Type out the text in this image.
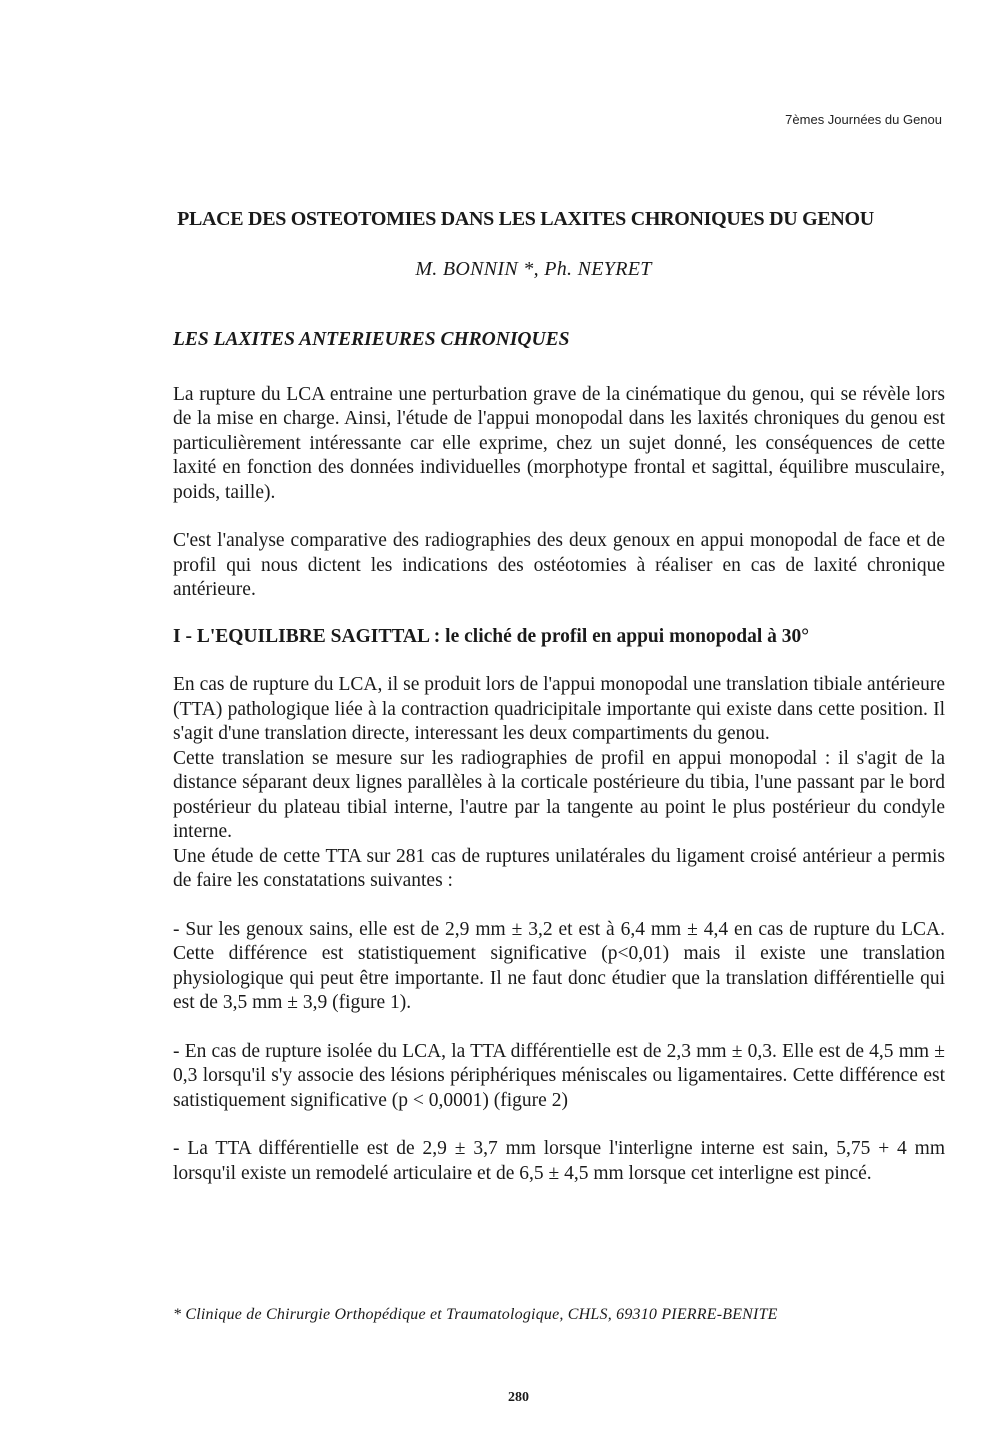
7èmes Journées du Genou
PLACE DES OSTEOTOMIES DANS LES LAXITES CHRONIQUES DU GENOU
M. BONNIN *, Ph. NEYRET

LES LAXITES ANTERIEURES CHRONIQUES

La rupture du LCA entraine une perturbation grave de la cinématique du genou, qui se révèle lors de la mise en charge. Ainsi, l'étude de l'appui monopodal dans les laxités chroniques du genou est particulièrement intéressante car elle exprime, chez un sujet donné, les conséquences de cette laxité en fonction des données individuelles (morphotype frontal et sagittal, équilibre musculaire, poids, taille).

C'est l'analyse comparative des radiographies des deux genoux en appui monopodal de face et de profil qui nous dictent les indications des ostéotomies à réaliser en cas de laxité chronique antérieure.

I - L'EQUILIBRE SAGITTAL : le cliché de profil en appui monopodal à 30°

En cas de rupture du LCA, il se produit lors de l'appui monopodal une translation tibiale antérieure (TTA) pathologique liée à la contraction quadricipitale importante qui existe dans cette position. Il s'agit d'une translation directe, interessant les deux compartiments du genou.

Cette translation se mesure sur les radiographies de profil en appui monopodal : il s'agit de la distance séparant deux lignes parallèles à la corticale postérieure du tibia, l'une passant par le bord postérieur du plateau tibial interne, l'autre par la tangente au point le plus postérieur du condyle interne.

Une étude de cette TTA sur 281 cas de ruptures unilatérales du ligament croisé antérieur a permis de faire les constatations suivantes :

- Sur les genoux sains, elle est de 2,9 mm ± 3,2 et est à 6,4 mm ± 4,4 en cas de rupture du LCA. Cette différence est statistiquement significative (p<0,01) mais il existe une translation physiologique qui peut être importante. Il ne faut donc étudier que la translation différentielle qui est de 3,5 mm ± 3,9 (figure 1).

- En cas de rupture isolée du LCA, la TTA différentielle est de 2,3 mm ± 0,3. Elle est de 4,5 mm ± 0,3 lorsqu'il s'y associe des lésions périphériques méniscales ou ligamentaires. Cette différence est satistiquement significative (p < 0,0001) (figure 2)

- La TTA différentielle est de 2,9 ± 3,7 mm lorsque l'interligne interne est sain, 5,75 + 4 mm lorsqu'il existe un remodelé articulaire et de 6,5 ± 4,5 mm lorsque cet interligne est pincé.

* Clinique de Chirurgie Orthopédique et Traumatologique, CHLS, 69310 PIERRE-BENITE
280
